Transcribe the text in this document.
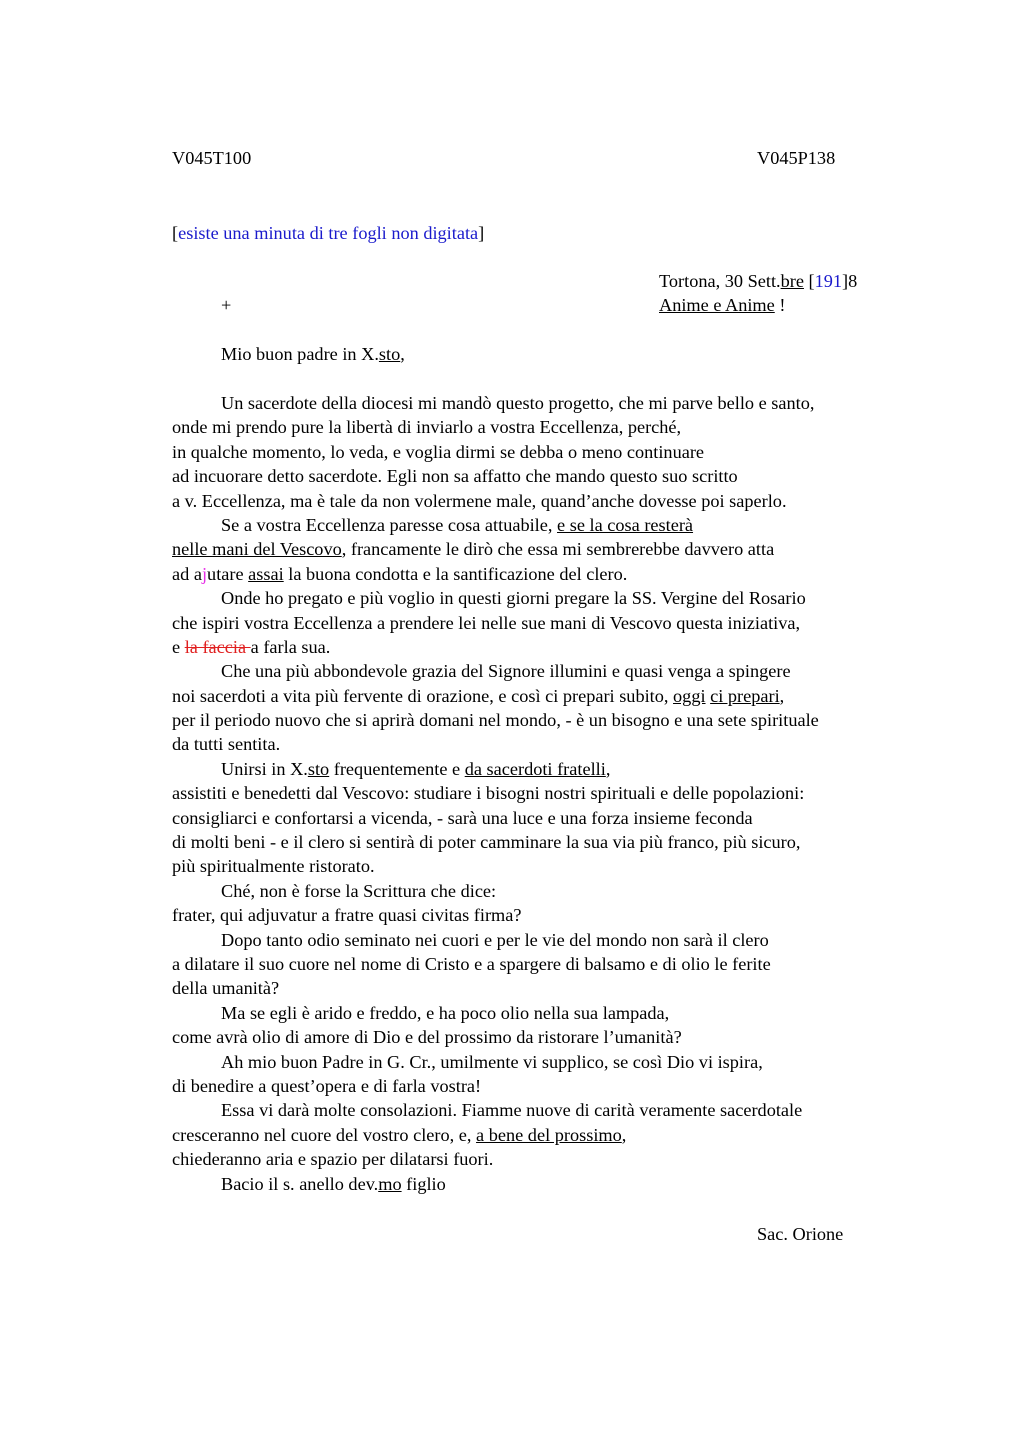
V045T100	V045P138
[esiste una minuta di tre fogli non digitata]
Tortona, 30 Sett.bre [191]8
+	Anime e Anime !
Mio buon padre in X.sto,
Un sacerdote della diocesi mi mandò questo progetto, che mi parve bello e santo,
onde mi prendo pure la libertà di inviarlo a vostra Eccellenza, perché,
in qualche momento, lo veda, e voglia dirmi se debba o meno continuare
ad incuorare detto sacerdote. Egli non sa affatto che mando questo suo scritto
a v. Eccellenza, ma è tale da non volermene male, quand’anche dovesse poi saperlo.
Se a vostra Eccellenza paresse cosa attuabile, e se la cosa resterà
nelle mani del Vescovo, francamente le dirò che essa mi sembrerebbe davvero atta
ad ajutare assai la buona condotta e la santificazione del clero.
Onde ho pregato e più voglio in questi giorni pregare la SS. Vergine del Rosario
che ispiri vostra Eccellenza a prendere lei nelle sue mani di Vescovo questa iniziativa,
e la faccia a farla sua.
Che una più abbondevole grazia del Signore illumini e quasi venga a spingere
noi sacerdoti a vita più fervente di orazione, e così ci prepari subito, oggi ci prepari,
per il periodo nuovo che si aprirà domani nel mondo, - è un bisogno e una sete spirituale
da tutti sentita.
Unirsi in X.sto frequentemente e da sacerdoti fratelli,
assistiti e benedetti dal Vescovo: studiare i bisogni nostri spirituali e delle popolazioni:
consigliarci e confortarsi a vicenda, - sarà una luce e una forza insieme feconda
di molti beni - e il clero si sentirà di poter camminare la sua via più franco, più sicuro,
più spiritualmente ristorato.
Ché, non è forse la Scrittura che dice:
frater, qui adjuvatur a fratre quasi civitas firma?
Dopo tanto odio seminato nei cuori e per le vie del mondo non sarà il clero
a dilatare il suo cuore nel nome di Cristo e a spargere di balsamo e di olio le ferite
della umanità?
Ma se egli è arido e freddo, e ha poco olio nella sua lampada,
come avrà olio di amore di Dio e del prossimo da ristorare l’umanità?
Ah mio buon Padre in G. Cr., umilmente vi supplico, se così Dio vi ispira,
di benedire a quest’opera e di farla vostra!
Essa vi darà molte consolazioni. Fiamme nuove di carità veramente sacerdotale
cresceranno nel cuore del vostro clero, e, a bene del prossimo,
chiederanno aria e spazio per dilatarsi fuori.
Bacio il s. anello dev.mo figlio
Sac. Orione
